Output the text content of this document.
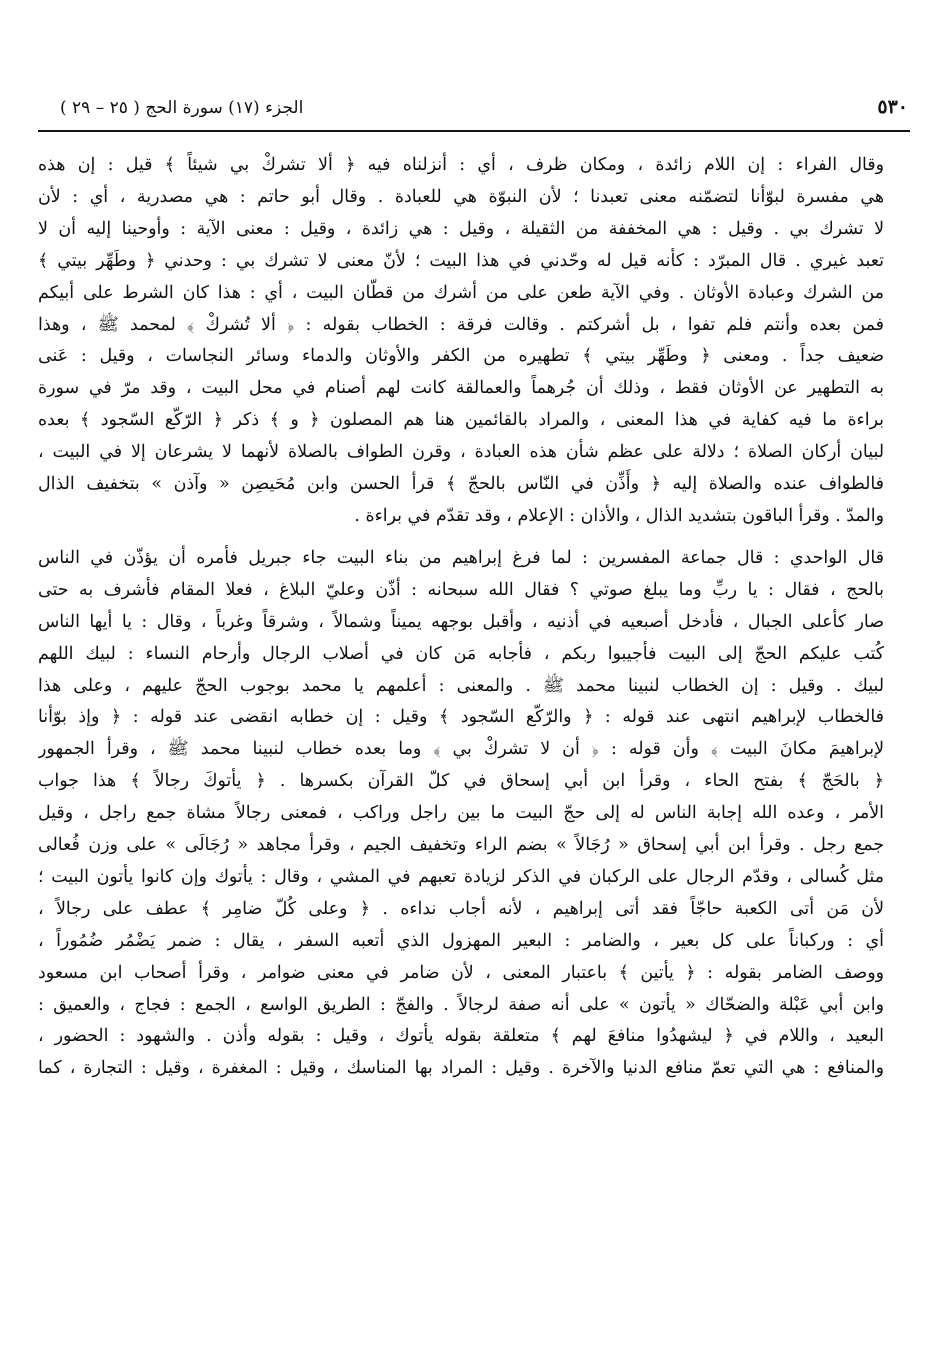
٥٣٠
الجزء (١٧) سورة الحج ( ٢٥ – ٢٩ )

وقال الفراء : إن اللام زائدة ، ومكان ظرف ، أي : أنزلناه فيه ﴿ ألا تشركْ بي شيئاً ﴾ قيل : إن هذه
هي مفسرة لبوّأنا لتضمّنه معنى تعبدنا ؛ لأن النبوّة هي للعبادة . وقال أبو حاتم : هي مصدرية ، أي : لأن
لا تشرك بي . وقيل : هي المخففة من الثقيلة ، وقيل : هي زائدة ، وقيل : معنى الآية : وأوحينا إليه أن لا
تعبد غيري . قال المبرّد : كأنه قيل له وحّدني في هذا البيت ؛ لأنّ معنى لا تشرك بي : وحدني ﴿ وطَهِّر بيتي ﴾
من الشرك وعبادة الأوثان . وفي الآية طعن على من أشرك من قطّان البيت ، أي : هذا كان الشرط على أبيكم
فمن بعده وأنتم فلم تفوا ، بل أشركتم . وقالت فرقة : الخطاب بقوله : ﴿ ألا تُشركْ ﴾ لمحمد ﷺ ، وهذا
ضعيف جداً . ومعنى ﴿ وطَهِّر بيتي ﴾ تطهيره من الكفر والأوثان والدماء وسائر النجاسات ، وقيل : عَنى
به التطهير عن الأوثان فقط ، وذلك أن جُرهماً والعمالقة كانت لهم أصنام في محل البيت ، وقد مرّ في سورة
براءة ما فيه كفاية في هذا المعنى ، والمراد بالقائمين هنا هم المصلون ﴿ و ﴾ ذكر ﴿ الرّكّع السّجود ﴾ بعده
لبيان أركان الصلاة ؛ دلالة على عظم شأن هذه العبادة ، وقرن الطواف بالصلاة لأنهما لا يشرعان إلا في البيت ،
فالطواف عنده والصلاة إليه ﴿ وأَذِّن في النّاس بالحجّ ﴾ قرأ الحسن وابن مُحَيصِن « وآذن » بتخفيف الذال
والمدّ . وقرأ الباقون بتشديد الذال ، والأذان : الإعلام ، وقد تقدّم في براءة .

قال الواحدي : قال جماعة المفسرين : لما فرغ إبراهيم من بناء البيت جاء جبريل فأمره أن يؤذّن في الناس
بالحج ، فقال : يا ربِّ وما يبلغ صوتي ؟ فقال الله سبحانه : أذّن وعليّ البلاغ ، فعلا المقام فأشرف به حتى
صار كأعلى الجبال ، فأدخل أصبعيه في أذنيه ، وأقبل بوجهه يميناً وشمالاً ، وشرقاً وغرباً ، وقال : يا أيها الناس
كُتب عليكم الحجّ إلى البيت فأجيبوا ربكم ، فأجابه مَن كان في أصلاب الرجال وأرحام النساء : لبيك اللهم
لبيك . وقيل : إن الخطاب لنبينا محمد ﷺ . والمعنى : أعلمهم يا محمد بوجوب الحجّ عليهم ، وعلى هذا
فالخطاب لإبراهيم انتهى عند قوله : ﴿ والرّكّع السّجود ﴾ وقيل : إن خطابه انقضى عند قوله : ﴿ وإذ بوّأنا
لإبراهيمَ مكانَ البيت ﴾ وأن قوله : ﴿ أن لا تشركْ بي ﴾ وما بعده خطاب لنبينا محمد ﷺ ، وقرأ الجمهور
﴿ بالحَجّ ﴾ بفتح الحاء ، وقرأ ابن أبي إسحاق في كلّ القرآن بكسرها . ﴿ يأتوكَ رجالاً ﴾ هذا جواب
الأمر ، وعده الله إجابة الناس له إلى حجّ البيت ما بين راجل وراكب ، فمعنى رجالاً مشاة جمع راجل ، وقيل
جمع رجل . وقرأ ابن أبي إسحاق « رُجَالاً » بضم الراء وتخفيف الجيم ، وقرأ مجاهد « رُجَالَى » على وزن فُعالى
مثل كُسالى ، وقدّم الرجال على الركبان في الذكر لزيادة تعبهم في المشي ، وقال : يأتوك وإن كانوا يأتون البيت ؛
لأن مَن أتى الكعبة حاجّاً فقد أتى إبراهيم ، لأنه أجاب نداءه . ﴿ وعلى كُلّ ضامِر ﴾ عطف على رجالاً ،
أي : وركباناً على كل بعير ، والضامر : البعير المهزول الذي أتعبه السفر ، يقال : ضمر يَضْمُر ضُمُوراً ،
ووصف الضامر بقوله : ﴿ يأتين ﴾ باعتبار المعنى ، لأن ضامر في معنى ضوامر ، وقرأ أصحاب ابن مسعود
وابن أبي عَبْلة والضحّاك « يأتون » على أنه صفة لرجالاً . والفجّ : الطريق الواسع ، الجمع : فجاج ، والعميق :
البعيد ، واللام في ﴿ ليشهدُوا منافعَ لهم ﴾ متعلقة بقوله يأتوك ، وقيل : بقوله وأذن . والشهود : الحضور ،
والمنافع : هي التي تعمّ منافع الدنيا والآخرة . وقيل : المراد بها المناسك ، وقيل : المغفرة ، وقيل : التجارة ، كما
